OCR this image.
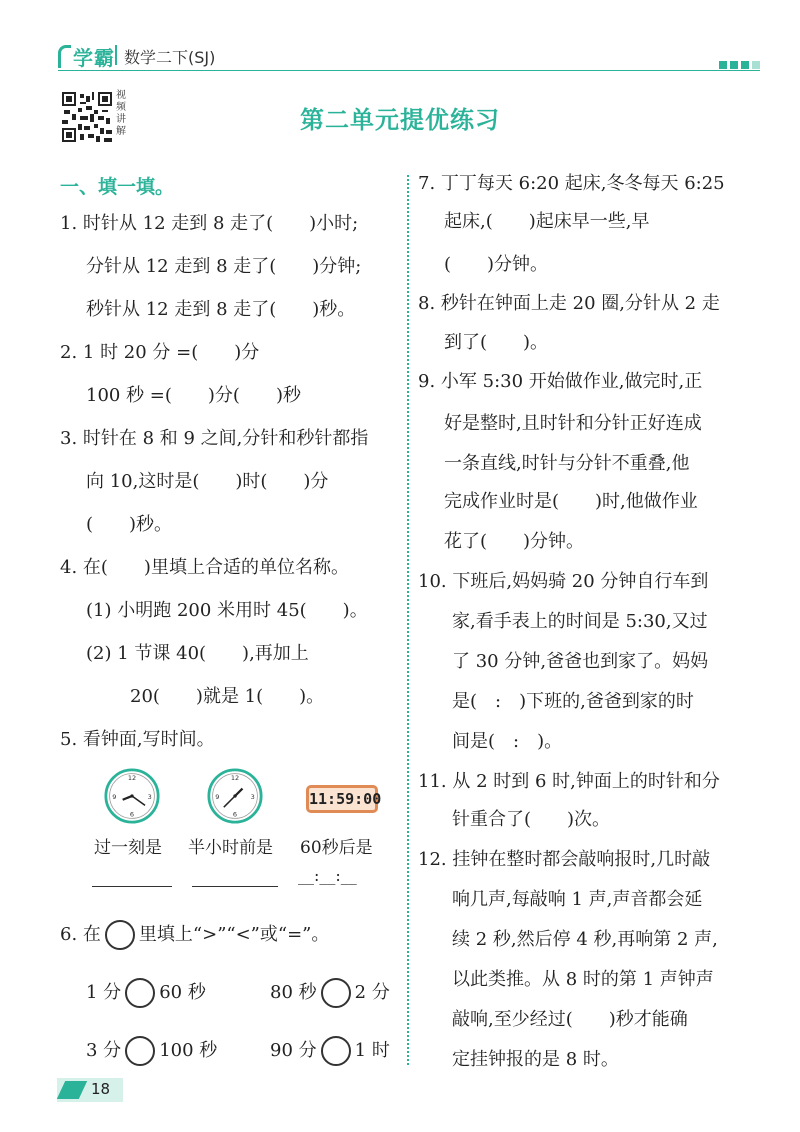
学霸 数学二下(SJ)
视
频
讲
解	第二单元提优练习
一、填一填。
1. 时针从 12 走到 8 走了(　　)小时;
分针从 12 走到 8 走了(　　)分钟;
秒针从 12 走到 8 走了(　　)秒。
2. 1 时 20 分 =(　　)分
100 秒 =(　　)分(　　)秒
3. 时针在 8 和 9 之间,分针和秒针都指
向 10,这时是(　　)时(　　)分
(　　)秒。
4. 在(　　)里填上合适的单位名称。
(1) 小明跑 200 米用时 45(　　)。
(2) 1 节课 40(　　),再加上
20(　　)就是 1(　　)。
5. 看钟面,写时间。
12
3
6
9
12
3
6
9	11:59:00
过一刻是 半小时前是 60秒后是
__:__:__
6. 在 里填上“>”“<”或“=”。
1 分 60 秒	80 秒 2 分
3 分 100 秒	90 分 1 时
7. 丁丁每天 6:20 起床,冬冬每天 6:25
起床,(　　)起床早一些,早
(　　)分钟。
8. 秒针在钟面上走 20 圈,分针从 2 走
到了(　　)。
9. 小军 5:30 开始做作业,做完时,正
好是整时,且时针和分针正好连成
一条直线,时针与分针不重叠,他
完成作业时是(　　)时,他做作业
花了(　　)分钟。
10. 下班后,妈妈骑 20 分钟自行车到
家,看手表上的时间是 5:30,又过
了 30 分钟,爸爸也到家了。妈妈
是(　:　)下班的,爸爸到家的时
间是(　:　)。
11. 从 2 时到 6 时,钟面上的时针和分
针重合了(　　)次。
12. 挂钟在整时都会敲响报时,几时敲
响几声,每敲响 1 声,声音都会延
续 2 秒,然后停 4 秒,再响第 2 声,
以此类推。从 8 时的第 1 声钟声
敲响,至少经过(　　)秒才能确
定挂钟报的是 8 时。
18
